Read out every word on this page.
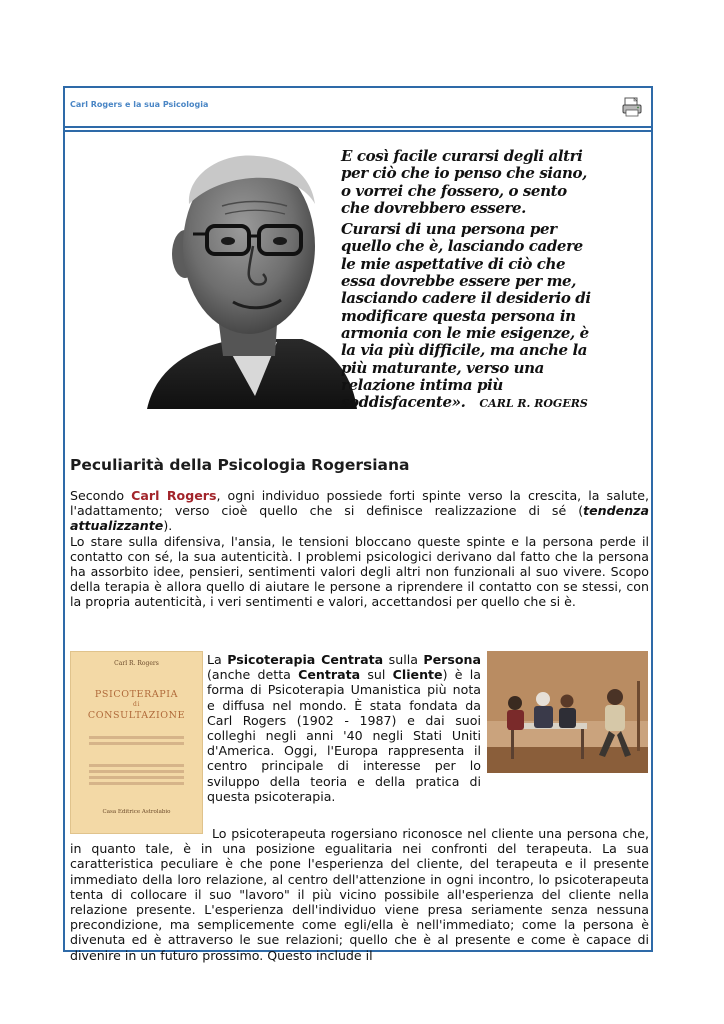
Carl Rogers e la sua Psicologia

E così facile curarsi degli altri per ciò che io penso che siano, o vorrei che fossero, o sento che dovrebbero essere.

Curarsi di una persona per quello che è, lasciando cadere le mie aspettative di ciò che essa dovrebbe essere per me, lasciando cadere il desiderio di modificare questa persona in armonia con le mie esigenze, è la via più difficile, ma anche la più maturante, verso una relazione intima più soddisfacente». CARL R. ROGERS

Peculiarità della Psicologia Rogersiana
Secondo Carl Rogers, ogni individuo possiede forti spinte verso la crescita, la salute, l'adattamento; verso cioè quello che si definisce realizzazione di sé (tendenza attualizzante).
Lo stare sulla difensiva, l'ansia, le tensioni bloccano queste spinte e la persona perde il contatto con sé, la sua autenticità. I problemi psicologici derivano dal fatto che la persona ha assorbito idee, pensieri, sentimenti valori degli altri non funzionali al suo vivere. Scopo della terapia è allora quello di aiutare le persone a riprendere il contatto con se stessi, con la propria autenticità, i veri sentimenti e valori, accettandosi per quello che si è.
Carl R. Rogers
PSICOTERAPIA
di
CONSULTAZIONE
Casa Editrice Astrolabio
La Psicoterapia Centrata sulla Persona (anche detta Centrata sul Cliente) è la forma di Psicoterapia Umanistica più nota e diffusa nel mondo. È stata fondata da Carl Rogers (1902 - 1987) e dai suoi colleghi negli anni '40 negli Stati Uniti d'America. Oggi, l'Europa rappresenta il centro principale di interesse per lo sviluppo della teoria e della pratica di questa psicoterapia.
Lo psicoterapeuta rogersiano riconosce nel cliente una persona che, in quanto tale, è in una posizione egualitaria nei confronti del terapeuta. La sua caratteristica peculiare è che pone l'esperienza del cliente, del terapeuta e il presente immediato della loro relazione, al centro dell'attenzione in ogni incontro, lo psicoterapeuta tenta di collocare il suo "lavoro" il più vicino possibile all'esperienza del cliente nella relazione presente. L'esperienza dell'individuo viene presa seriamente senza nessuna precondizione, ma semplicemente come egli/ella è nell'immediato; come la persona è divenuta ed è attraverso le sue relazioni; quello che è al presente e come è capace di divenire in un futuro prossimo. Questo include il
